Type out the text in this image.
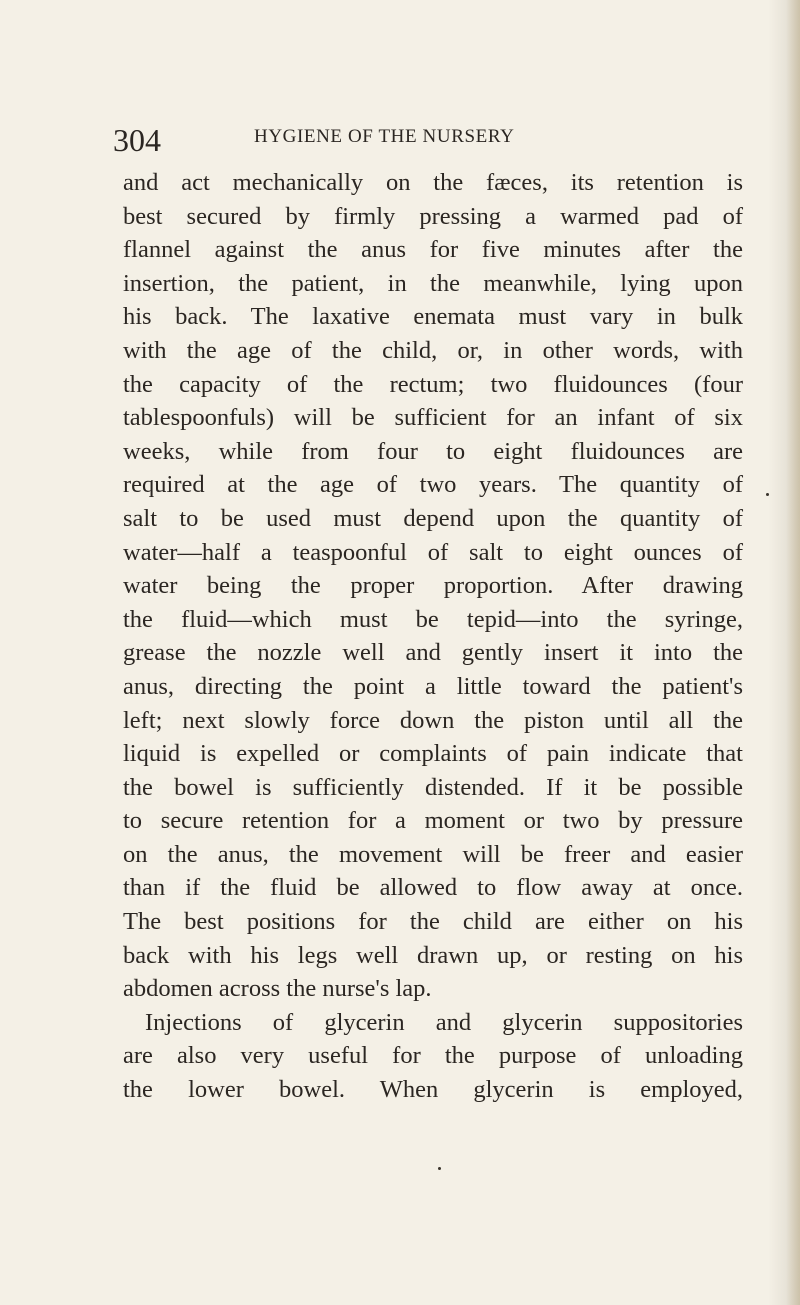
304	HYGIENE OF THE NURSERY
and act mechanically on the fæces, its retention is
best secured by firmly pressing a warmed pad of
flannel against the anus for five minutes after the
insertion, the patient, in the meanwhile, lying upon
his back. The laxative enemata must vary in bulk
with the age of the child, or, in other words, with
the capacity of the rectum; two fluidounces (four
tablespoonfuls) will be sufficient for an infant of six
weeks, while from four to eight fluidounces are
required at the age of two years. The quantity of
salt to be used must depend upon the quantity of
water—half a teaspoonful of salt to eight ounces of
water being the proper proportion. After drawing
the fluid—which must be tepid—into the syringe,
grease the nozzle well and gently insert it into the
anus, directing the point a little toward the patient's
left; next slowly force down the piston until all the
liquid is expelled or complaints of pain indicate that
the bowel is sufficiently distended. If it be possible
to secure retention for a moment or two by pressure
on the anus, the movement will be freer and easier
than if the fluid be allowed to flow away at once.
The best positions for the child are either on his
back with his legs well drawn up, or resting on his
abdomen across the nurse's lap.
Injections of glycerin and glycerin suppositories
are also very useful for the purpose of unloading
the lower bowel. When glycerin is employed,
